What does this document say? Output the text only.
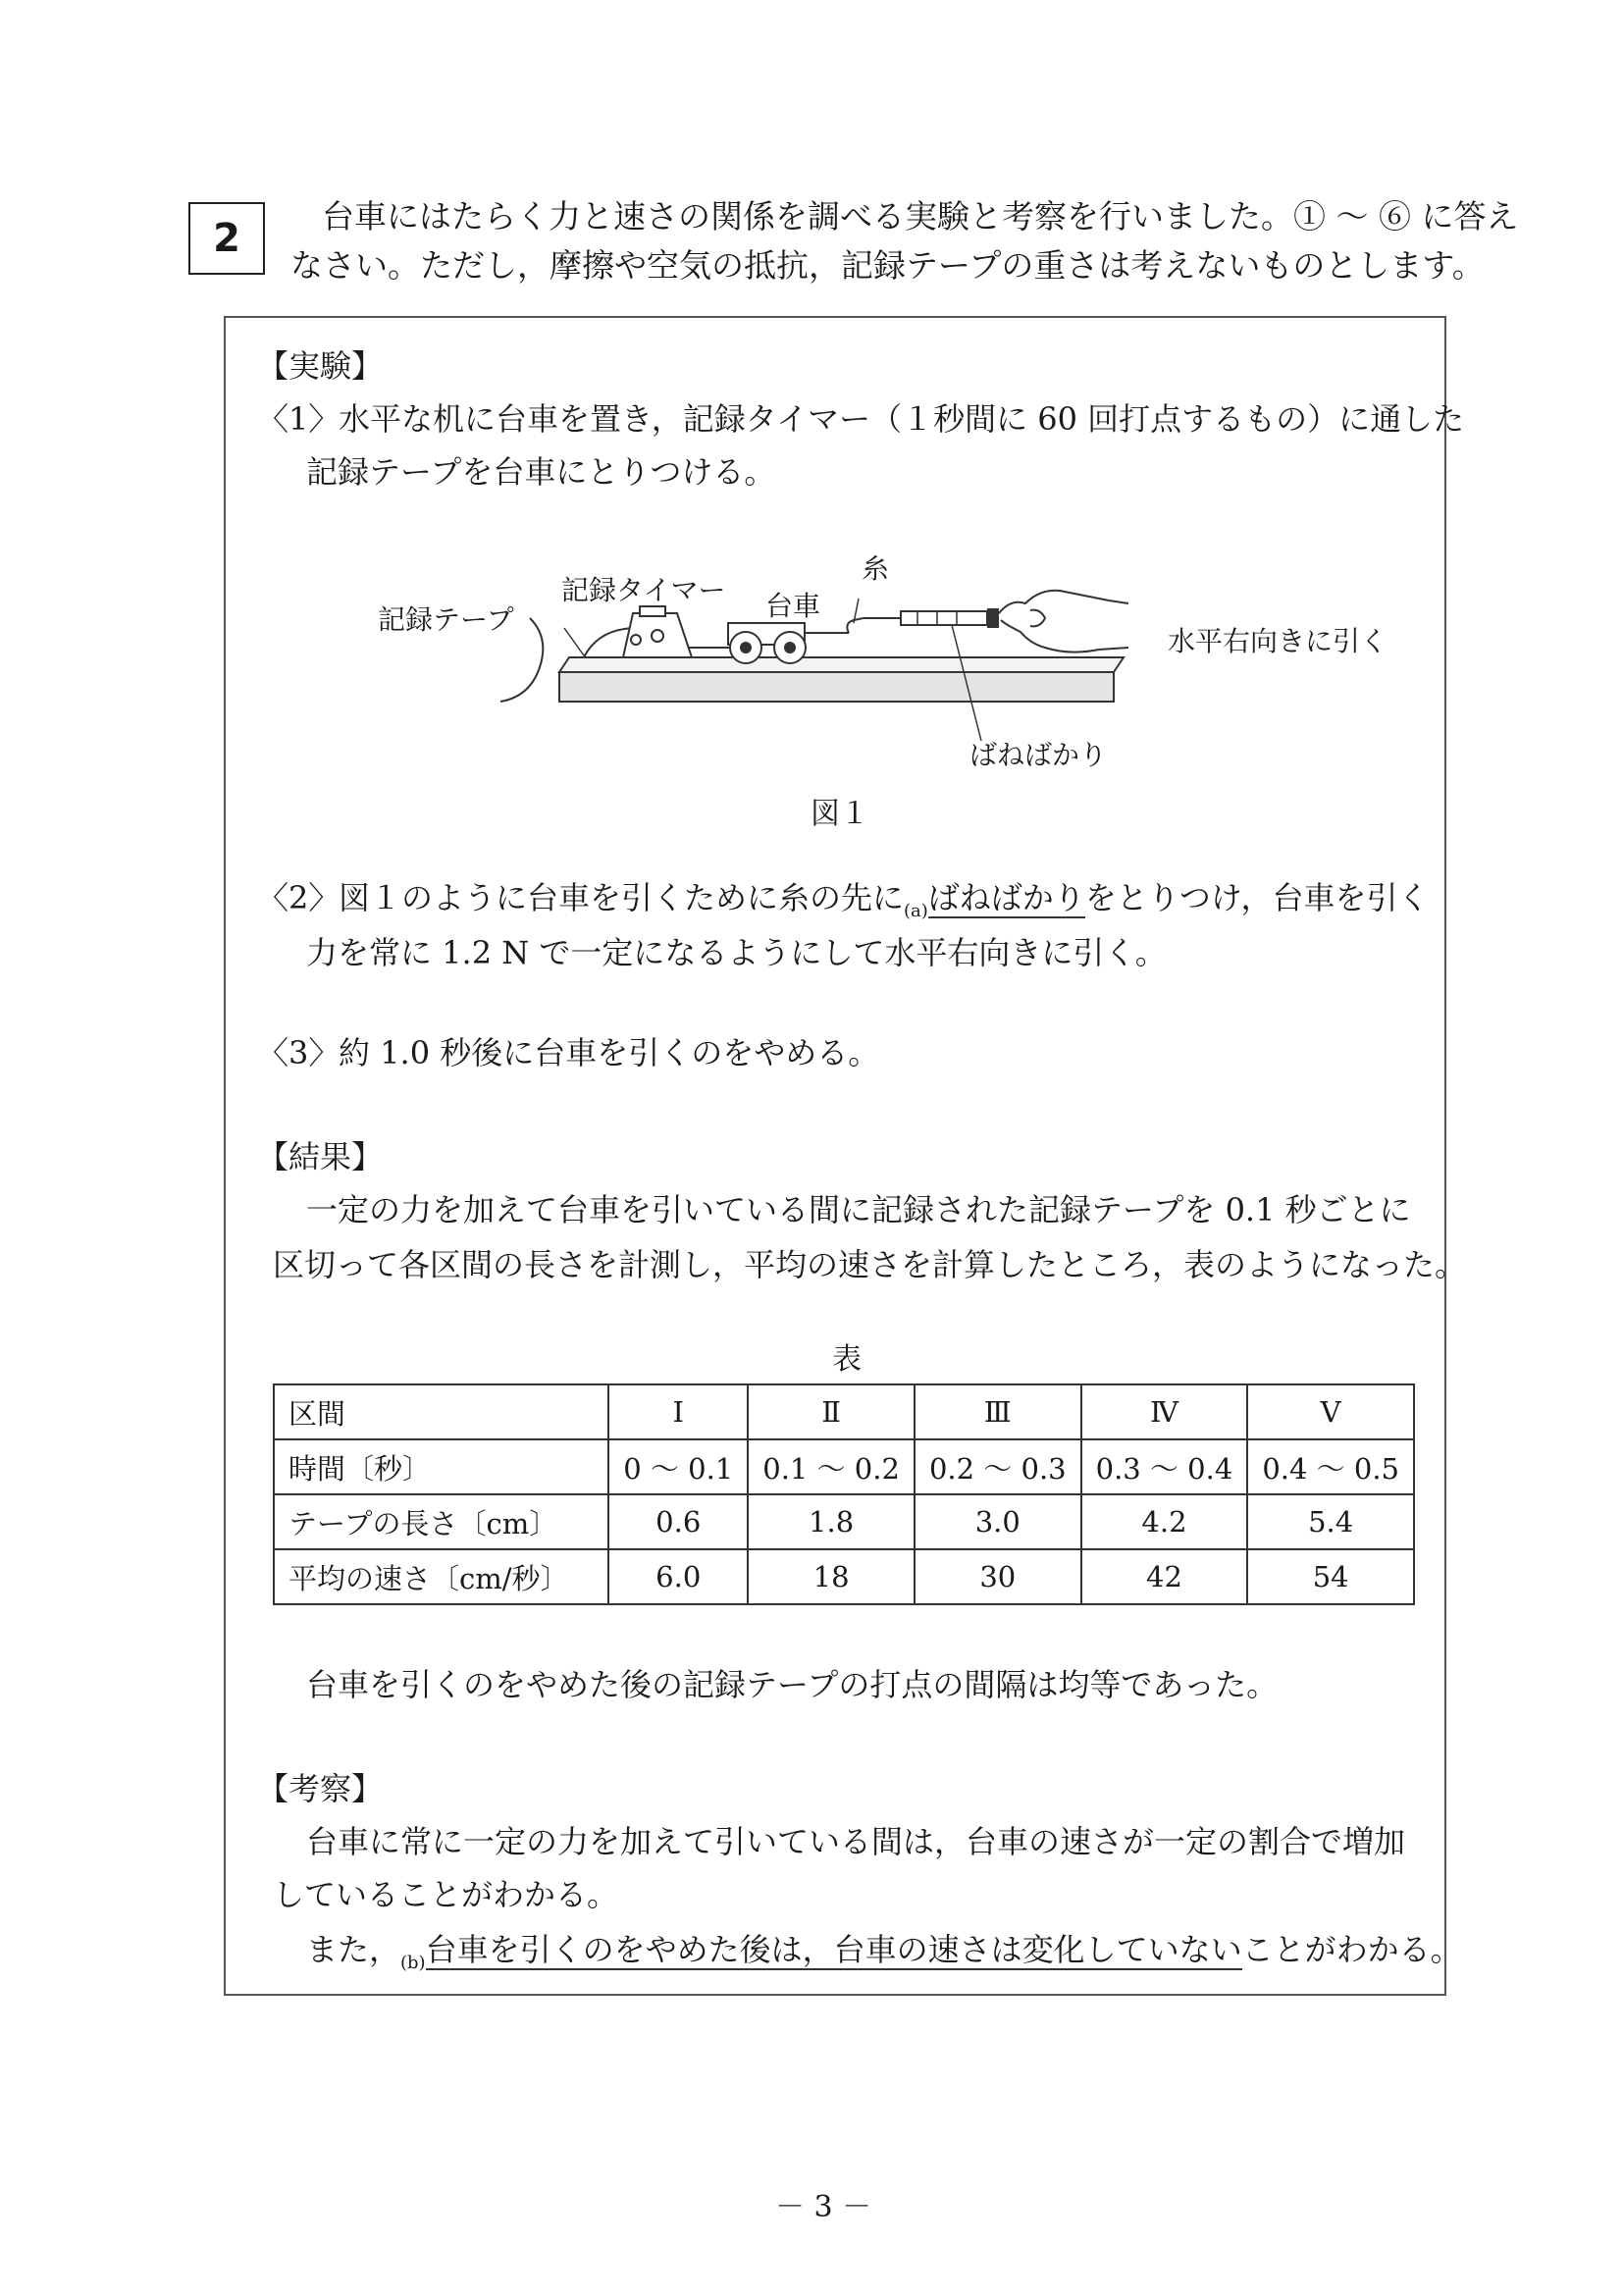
2	台車にはたらく力と速さの関係を調べる実験と考察を行いました。① ～ ⑥ に答え
なさい。ただし，摩擦や空気の抵抗，記録テープの重さは考えないものとします。
【実験】
〈1〉
水平な机に台車を置き，記録タイマー（１秒間に 60 回打点するもの）に通した
記録テープを台車にとりつける。
記録テープ
記録タイマー 台車
糸
水平右向きに引く
ばねばかり
図１
〈2〉
図１のように台車を引くために糸の先に$_{(a)}$ばねばかりをとりつけ，台車を引く
力を常に 1.2 N で一定になるようにして水平右向きに引く。
〈3〉
約 1.0 秒後に台車を引くのをやめる。
【結果】
一定の力を加えて台車を引いている間に記録された記録テープを 0.1 秒ごとに
区切って各区間の長さを計測し，平均の速さを計算したところ，表のようになった。
表
区間	Ⅰ	Ⅱ	Ⅲ	Ⅳ	Ⅴ
時間〔秒〕	0 ～ 0.1	0.1 ～ 0.2	0.2 ～ 0.3	0.3 ～ 0.4	0.4 ～ 0.5
テープの長さ〔cm〕	0.6	1.8	3.0	4.2	5.4
平均の速さ〔cm/秒〕	6.0	18	30	42	54
台車を引くのをやめた後の記録テープの打点の間隔は均等であった。
【考察】
台車に常に一定の力を加えて引いている間は，台車の速さが一定の割合で増加
していることがわかる。
また，$_{(b)}$台車を引くのをやめた後は，台車の速さは変化していないことがわかる。
－ 3 －
